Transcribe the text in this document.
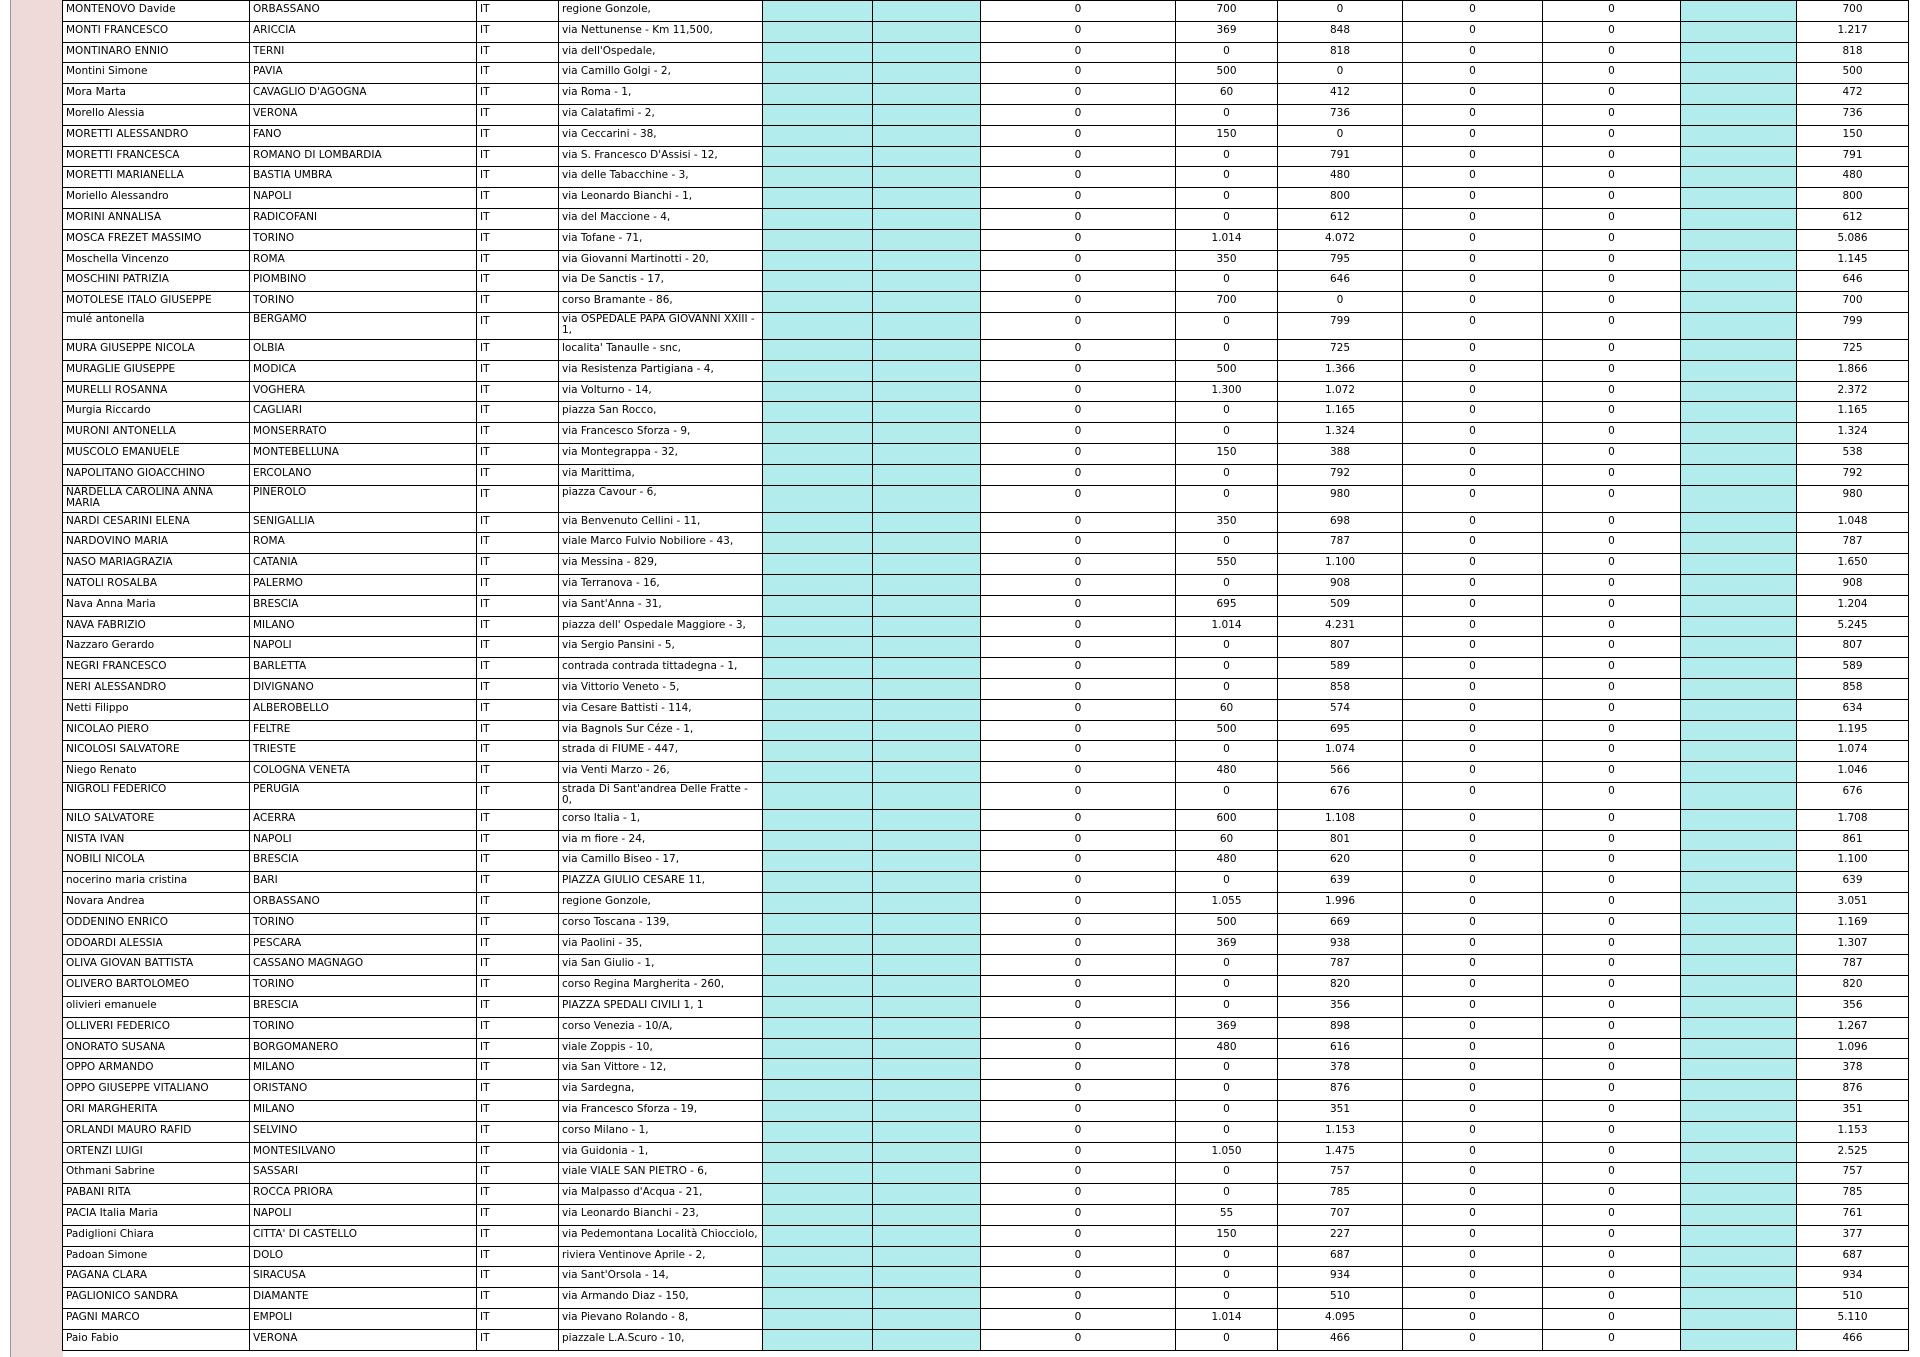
MONTENOVO Davide	ORBASSANO	IT	regione Gonzole,			0	700	0	0	0		700
MONTI FRANCESCO	ARICCIA	IT	via Nettunense - Km 11,500,			0	369	848	0	0		1.217
MONTINARO ENNIO	TERNI	IT	via dell'Ospedale,			0	0	818	0	0		818
Montini Simone	PAVIA	IT	via Camillo Golgi - 2,			0	500	0	0	0		500
Mora Marta	CAVAGLIO D'AGOGNA	IT	via Roma - 1,			0	60	412	0	0		472
Morello Alessia	VERONA	IT	via Calatafimi - 2,			0	0	736	0	0		736
MORETTI ALESSANDRO	FANO	IT	via Ceccarini - 38,			0	150	0	0	0		150
MORETTI FRANCESCA	ROMANO DI LOMBARDIA	IT	via S. Francesco D'Assisi - 12,			0	0	791	0	0		791
MORETTI MARIANELLA	BASTIA UMBRA	IT	via delle Tabacchine - 3,			0	0	480	0	0		480
Moriello Alessandro	NAPOLI	IT	via Leonardo Bianchi - 1,			0	0	800	0	0		800
MORINI ANNALISA	RADICOFANI	IT	via del Maccione - 4,			0	0	612	0	0		612
MOSCA FREZET MASSIMO	TORINO	IT	via Tofane - 71,			0	1.014	4.072	0	0		5.086
Moschella Vincenzo	ROMA	IT	via Giovanni Martinotti - 20,			0	350	795	0	0		1.145
MOSCHINI PATRIZIA	PIOMBINO	IT	via De Sanctis - 17,			0	0	646	0	0		646
MOTOLESE ITALO GIUSEPPE	TORINO	IT	corso Bramante - 86,			0	700	0	0	0		700
mulé antonella	BERGAMO	IT	via OSPEDALE PAPA GIOVANNI XXIII - 1,			0	0	799	0	0		799
MURA GIUSEPPE NICOLA	OLBIA	IT	localita' Tanaulle - snc,			0	0	725	0	0		725
MURAGLIE GIUSEPPE	MODICA	IT	via Resistenza Partigiana - 4,			0	500	1.366	0	0		1.866
MURELLI ROSANNA	VOGHERA	IT	via Volturno - 14,			0	1.300	1.072	0	0		2.372
Murgia Riccardo	CAGLIARI	IT	piazza San Rocco,			0	0	1.165	0	0		1.165
MURONI ANTONELLA	MONSERRATO	IT	via Francesco Sforza - 9,			0	0	1.324	0	0		1.324
MUSCOLO EMANUELE	MONTEBELLUNA	IT	via Montegrappa - 32,			0	150	388	0	0		538
NAPOLITANO GIOACCHINO	ERCOLANO	IT	via Marittima,			0	0	792	0	0		792
NARDELLA CAROLINA ANNA MARIA	PINEROLO	IT	piazza Cavour - 6,			0	0	980	0	0		980
NARDI CESARINI ELENA	SENIGALLIA	IT	via Benvenuto Cellini - 11,			0	350	698	0	0		1.048
NARDOVINO MARIA	ROMA	IT	viale Marco Fulvio Nobiliore - 43,			0	0	787	0	0		787
NASO MARIAGRAZIA	CATANIA	IT	via Messina - 829,			0	550	1.100	0	0		1.650
NATOLI ROSALBA	PALERMO	IT	via Terranova - 16,			0	0	908	0	0		908
Nava Anna Maria	BRESCIA	IT	via Sant'Anna - 31,			0	695	509	0	0		1.204
NAVA FABRIZIO	MILANO	IT	piazza dell' Ospedale Maggiore - 3,			0	1.014	4.231	0	0		5.245
Nazzaro Gerardo	NAPOLI	IT	via Sergio Pansini - 5,			0	0	807	0	0		807
NEGRI FRANCESCO	BARLETTA	IT	contrada contrada tittadegna - 1,			0	0	589	0	0		589
NERI ALESSANDRO	DIVIGNANO	IT	via Vittorio Veneto - 5,			0	0	858	0	0		858
Netti Filippo	ALBEROBELLO	IT	via Cesare Battisti - 114,			0	60	574	0	0		634
NICOLAO PIERO	FELTRE	IT	via Bagnols Sur Céze - 1,			0	500	695	0	0		1.195
NICOLOSI SALVATORE	TRIESTE	IT	strada di FIUME - 447,			0	0	1.074	0	0		1.074
Niego Renato	COLOGNA VENETA	IT	via Venti Marzo - 26,			0	480	566	0	0		1.046
NIGROLI FEDERICO	PERUGIA	IT	strada Di Sant'andrea Delle Fratte - 0,			0	0	676	0	0		676
NILO SALVATORE	ACERRA	IT	corso Italia - 1,			0	600	1.108	0	0		1.708
NISTA IVAN	NAPOLI	IT	via m fiore - 24,			0	60	801	0	0		861
NOBILI NICOLA	BRESCIA	IT	via Camillo Biseo - 17,			0	480	620	0	0		1.100
nocerino maria cristina	BARI	IT	PIAZZA GIULIO CESARE 11,			0	0	639	0	0		639
Novara Andrea	ORBASSANO	IT	regione Gonzole,			0	1.055	1.996	0	0		3.051
ODDENINO ENRICO	TORINO	IT	corso Toscana - 139,			0	500	669	0	0		1.169
ODOARDI ALESSIA	PESCARA	IT	via Paolini - 35,			0	369	938	0	0		1.307
OLIVA GIOVAN BATTISTA	CASSANO MAGNAGO	IT	via San Giulio - 1,			0	0	787	0	0		787
OLIVERO BARTOLOMEO	TORINO	IT	corso Regina Margherita - 260,			0	0	820	0	0		820
olivieri emanuele	BRESCIA	IT	PIAZZA SPEDALI CIVILI 1, 1			0	0	356	0	0		356
OLLIVERI FEDERICO	TORINO	IT	corso Venezia - 10/A,			0	369	898	0	0		1.267
ONORATO SUSANA	BORGOMANERO	IT	viale Zoppis - 10,			0	480	616	0	0		1.096
OPPO ARMANDO	MILANO	IT	via San Vittore - 12,			0	0	378	0	0		378
OPPO GIUSEPPE VITALIANO	ORISTANO	IT	via Sardegna,			0	0	876	0	0		876
ORI MARGHERITA	MILANO	IT	via Francesco Sforza - 19,			0	0	351	0	0		351
ORLANDI MAURO RAFID	SELVINO	IT	corso Milano - 1,			0	0	1.153	0	0		1.153
ORTENZI LUIGI	MONTESILVANO	IT	via Guidonia - 1,			0	1.050	1.475	0	0		2.525
Othmani Sabrine	SASSARI	IT	viale VIALE SAN PIETRO - 6,			0	0	757	0	0		757
PABANI RITA	ROCCA PRIORA	IT	via Malpasso d'Acqua - 21,			0	0	785	0	0		785
PACIA Italia Maria	NAPOLI	IT	via Leonardo Bianchi - 23,			0	55	707	0	0		761
Padiglioni Chiara	CITTA' DI CASTELLO	IT	via Pedemontana Località Chiocciolo,			0	150	227	0	0		377
Padoan Simone	DOLO	IT	riviera Ventinove Aprile - 2,			0	0	687	0	0		687
PAGANA CLARA	SIRACUSA	IT	via Sant'Orsola - 14,			0	0	934	0	0		934
PAGLIONICO SANDRA	DIAMANTE	IT	via Armando Diaz - 150,			0	0	510	0	0		510
PAGNI MARCO	EMPOLI	IT	via Pievano Rolando - 8,			0	1.014	4.095	0	0		5.110
Paio Fabio	VERONA	IT	piazzale L.A.Scuro - 10,			0	0	466	0	0		466
